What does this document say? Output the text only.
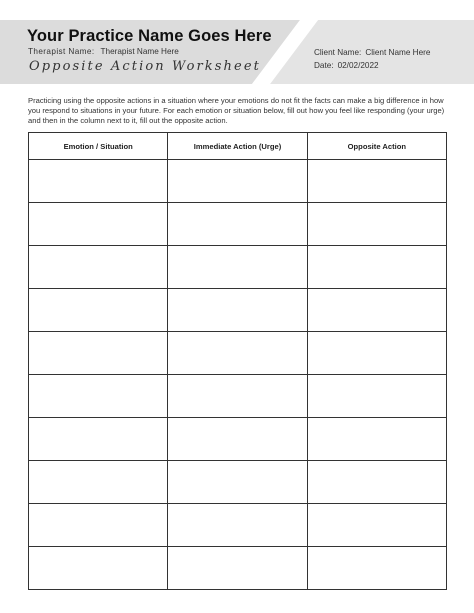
Your Practice Name Goes Here
Therapist Name: Therapist Name Here
Opposite Action Worksheet
Client Name: Client Name Here
Date: 02/02/2022
Practicing using the opposite actions in a situation where your emotions do not fit the facts can make a big difference in how you respond to situations in your future. For each emotion or situation below, fill out how you feel like responding (your urge) and then in the column next to it, fill out the opposite action.
Emotion / Situation	Immediate Action (Urge)	Opposite Action
